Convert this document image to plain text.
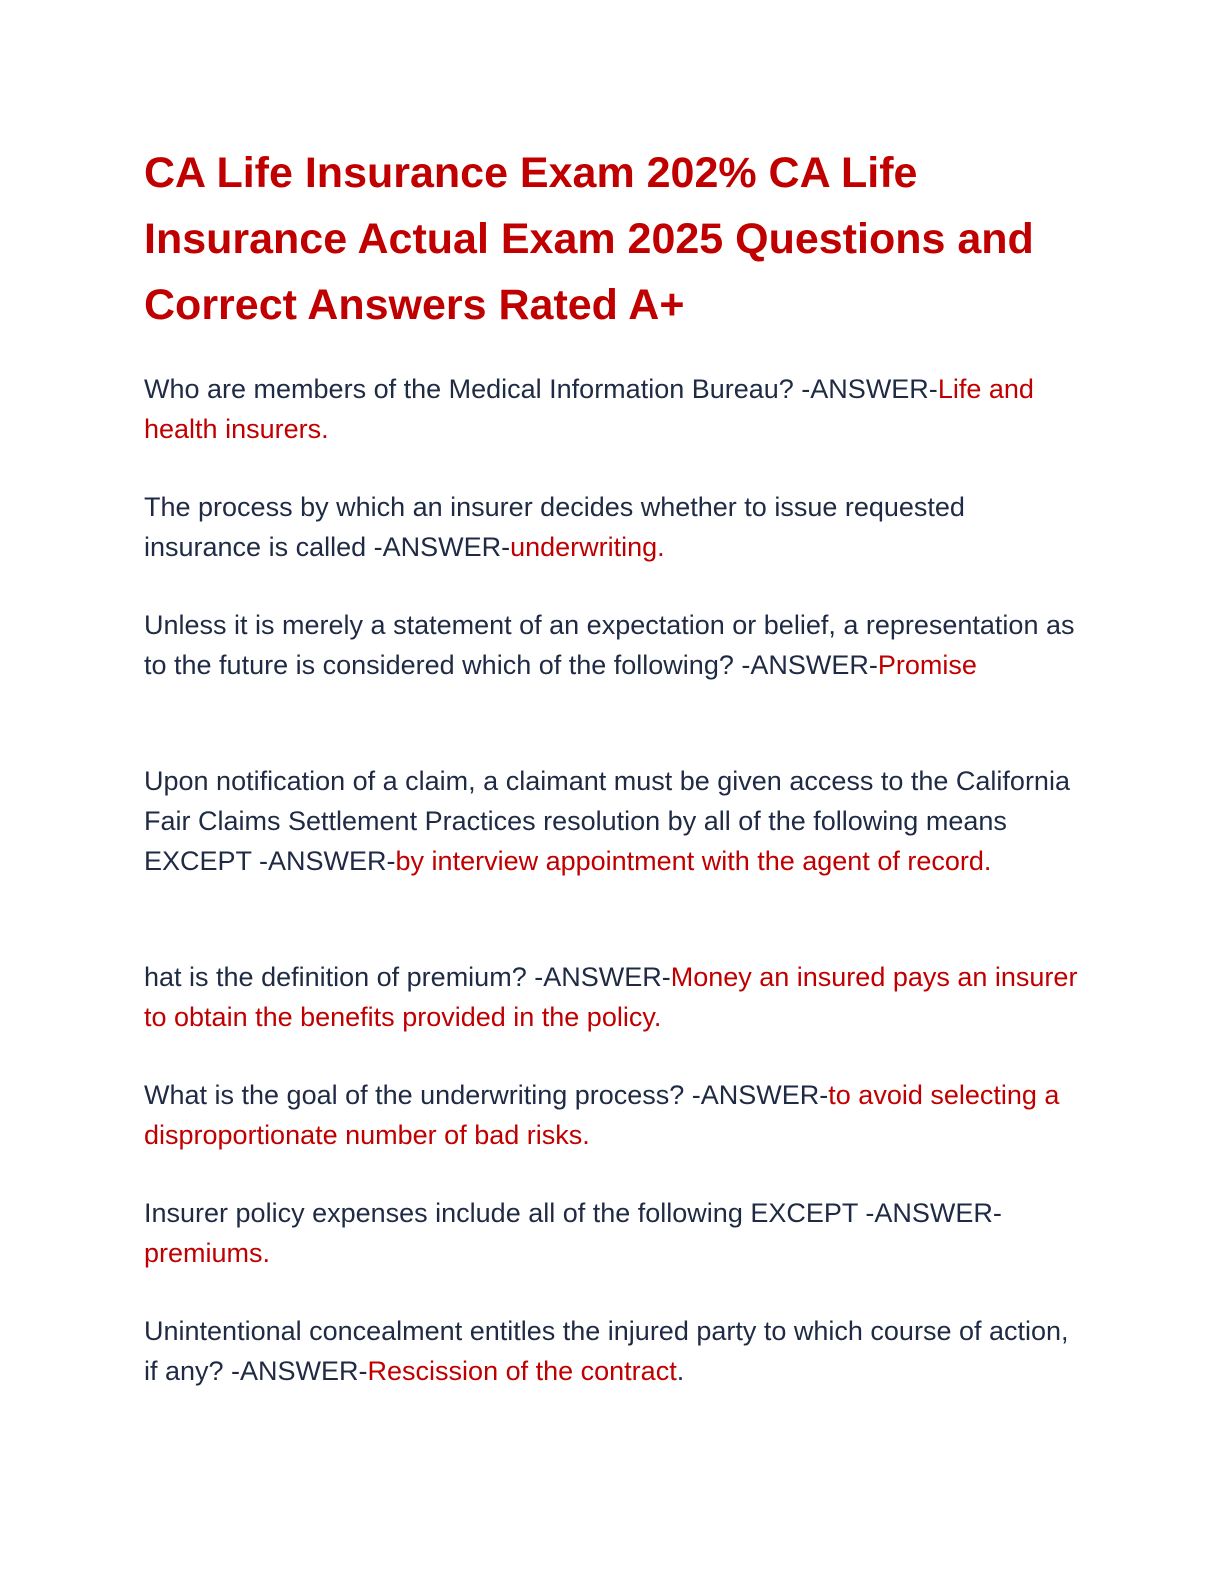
CA Life Insurance Exam 202% CA Life Insurance Actual Exam 2025 Questions and Correct Answers Rated A+

Who are members of the Medical Information Bureau? -ANSWER-Life and health insurers.

The process by which an insurer decides whether to issue requested insurance is called -ANSWER-underwriting.

Unless it is merely a statement of an expectation or belief, a representation as to the future is considered which of the following? -ANSWER-Promise

Upon notification of a claim, a claimant must be given access to the California Fair Claims Settlement Practices resolution by all of the following means EXCEPT -ANSWER-by interview appointment with the agent of record.

hat is the definition of premium? -ANSWER-Money an insured pays an insurer to obtain the benefits provided in the policy.

What is the goal of the underwriting process? -ANSWER-to avoid selecting a disproportionate number of bad risks.

Insurer policy expenses include all of the following EXCEPT -ANSWER-premiums.

Unintentional concealment entitles the injured party to which course of action, if any? -ANSWER-Rescission of the contract.
